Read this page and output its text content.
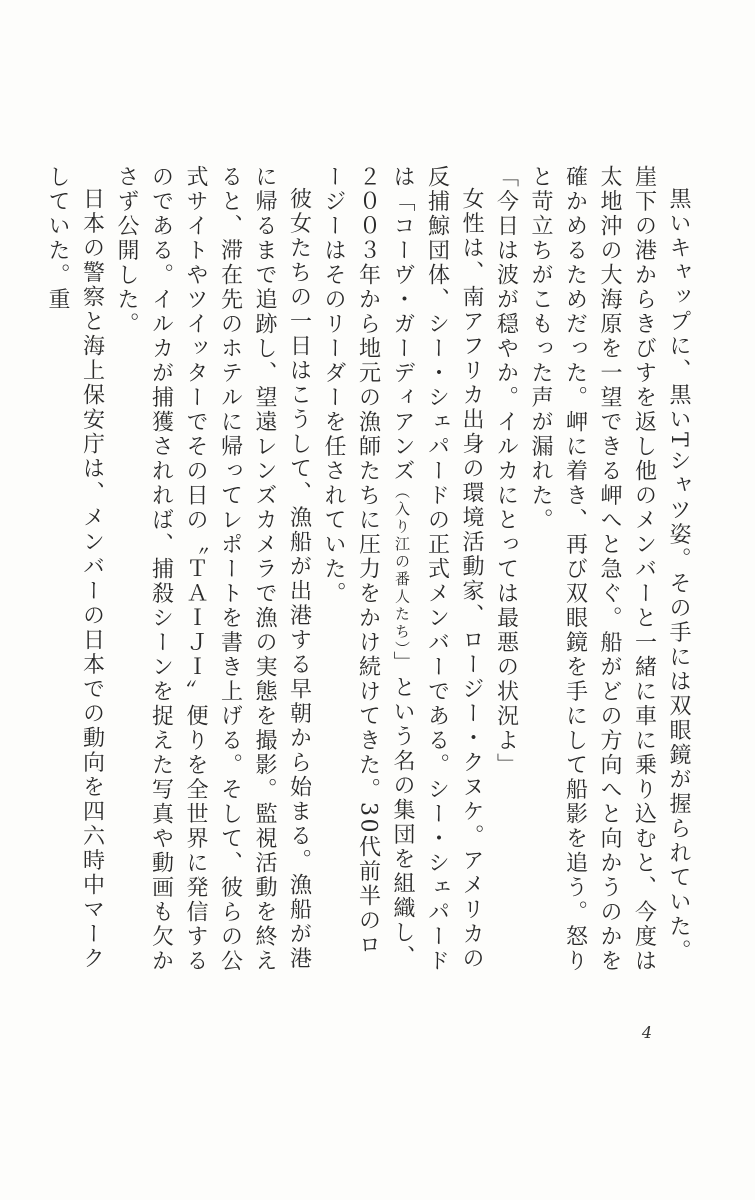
黒いキャップに、黒いTシャツ姿。その手には双眼鏡が握られていた。崖下の港からきびすを返し他のメンバーと一緒に車に乗り込むと、今度は太地沖の大海原を一望できる岬へと急ぐ。船がどの方向へと向かうのかを確かめるためだった。岬に着き、再び双眼鏡を手にして船影を追う。怒りと苛立ちがこもった声が漏れた。

「今日は波が穏やか。イルカにとっては最悪の状況よ」

女性は、南アフリカ出身の環境活動家、ロージー・クヌケ。アメリカの反捕鯨団体、シー・シェパードの正式メンバーである。シー・シェパードは「コーヴ・ガーディアンズ（入り江の番人たち）」という名の集団を組織し、２００３年から地元の漁師たちに圧力をかけ続けてきた。30代前半のロージーはそのリーダーを任されていた。

彼女たちの一日はこうして、漁船が出港する早朝から始まる。漁船が港に帰るまで追跡し、望遠レンズカメラで漁の実態を撮影。監視活動を終えると、滞在先のホテルに帰ってレポートを書き上げる。そして、彼らの公式サイトやツイッターでその日の〝ＴＡＩＪＩ〟便りを全世界に発信するのである。イルカが捕獲されれば、捕殺シーンを捉えた写真や動画も欠かさず公開した。

日本の警察と海上保安庁は、メンバーの日本での動向を四六時中マークしていた。重

4
